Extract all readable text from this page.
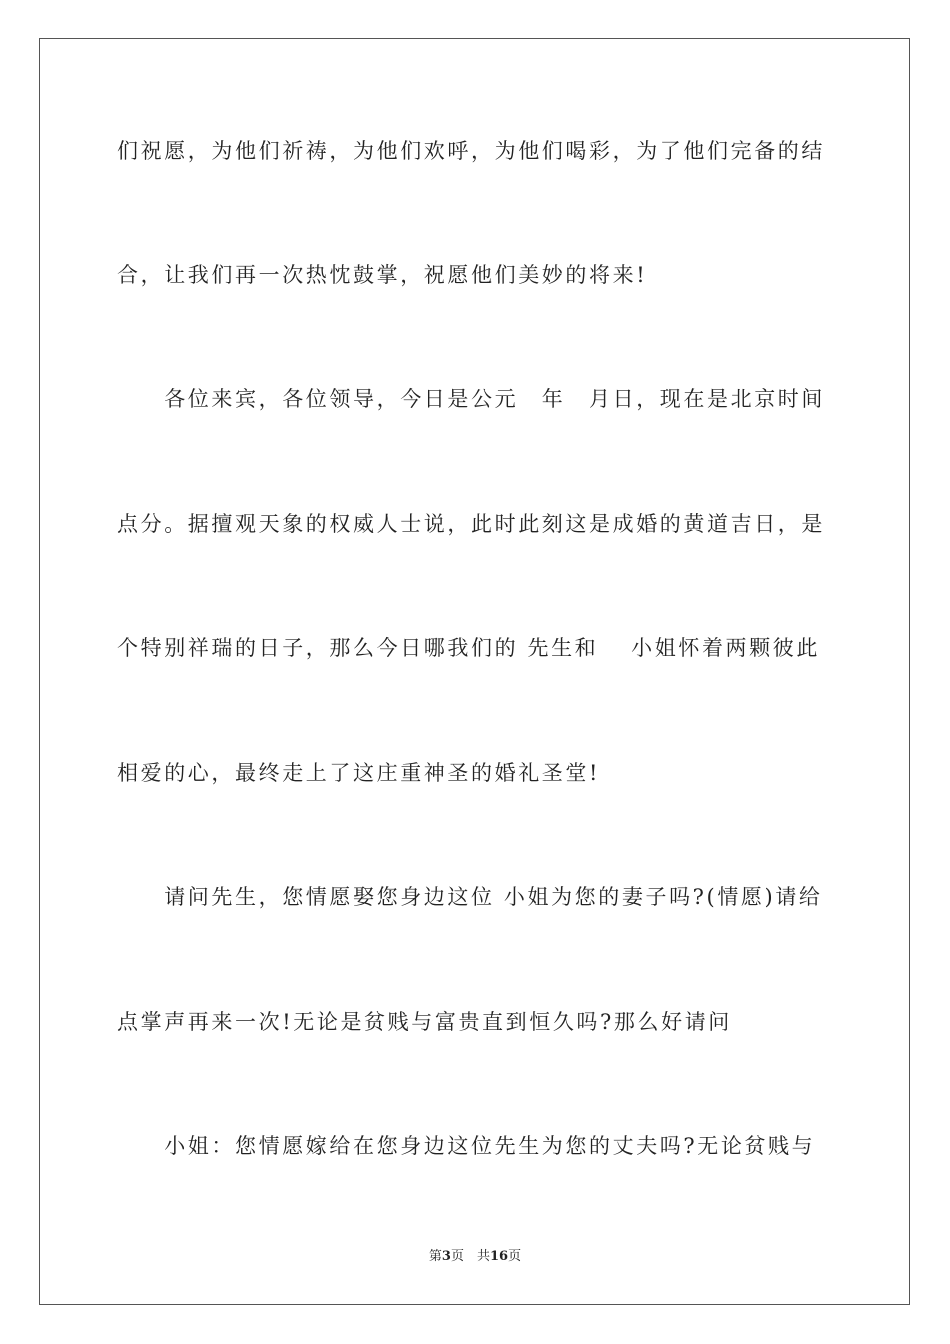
们祝愿，为他们祈祷，为他们欢呼，为他们喝彩，为了他们完备的结
合，让我们再一次热忱鼓掌，祝愿他们美妙的将来!
　　各位来宾，各位领导，今日是公元　年　月日，现在是北京时间
点分。据擅观天象的权威人士说，此时此刻这是成婚的黄道吉日，是
个特别祥瑞的日子，那么今日哪我们的 先生和　 小姐怀着两颗彼此
相爱的心，最终走上了这庄重神圣的婚礼圣堂!
　　请问先生，您情愿娶您身边这位 小姐为您的妻子吗?(情愿)请给
点掌声再来一次!无论是贫贱与富贵直到恒久吗?那么好请问
　　小姐：您情愿嫁给在您身边这位先生为您的丈夫吗?无论贫贱与
第3页　共16页
